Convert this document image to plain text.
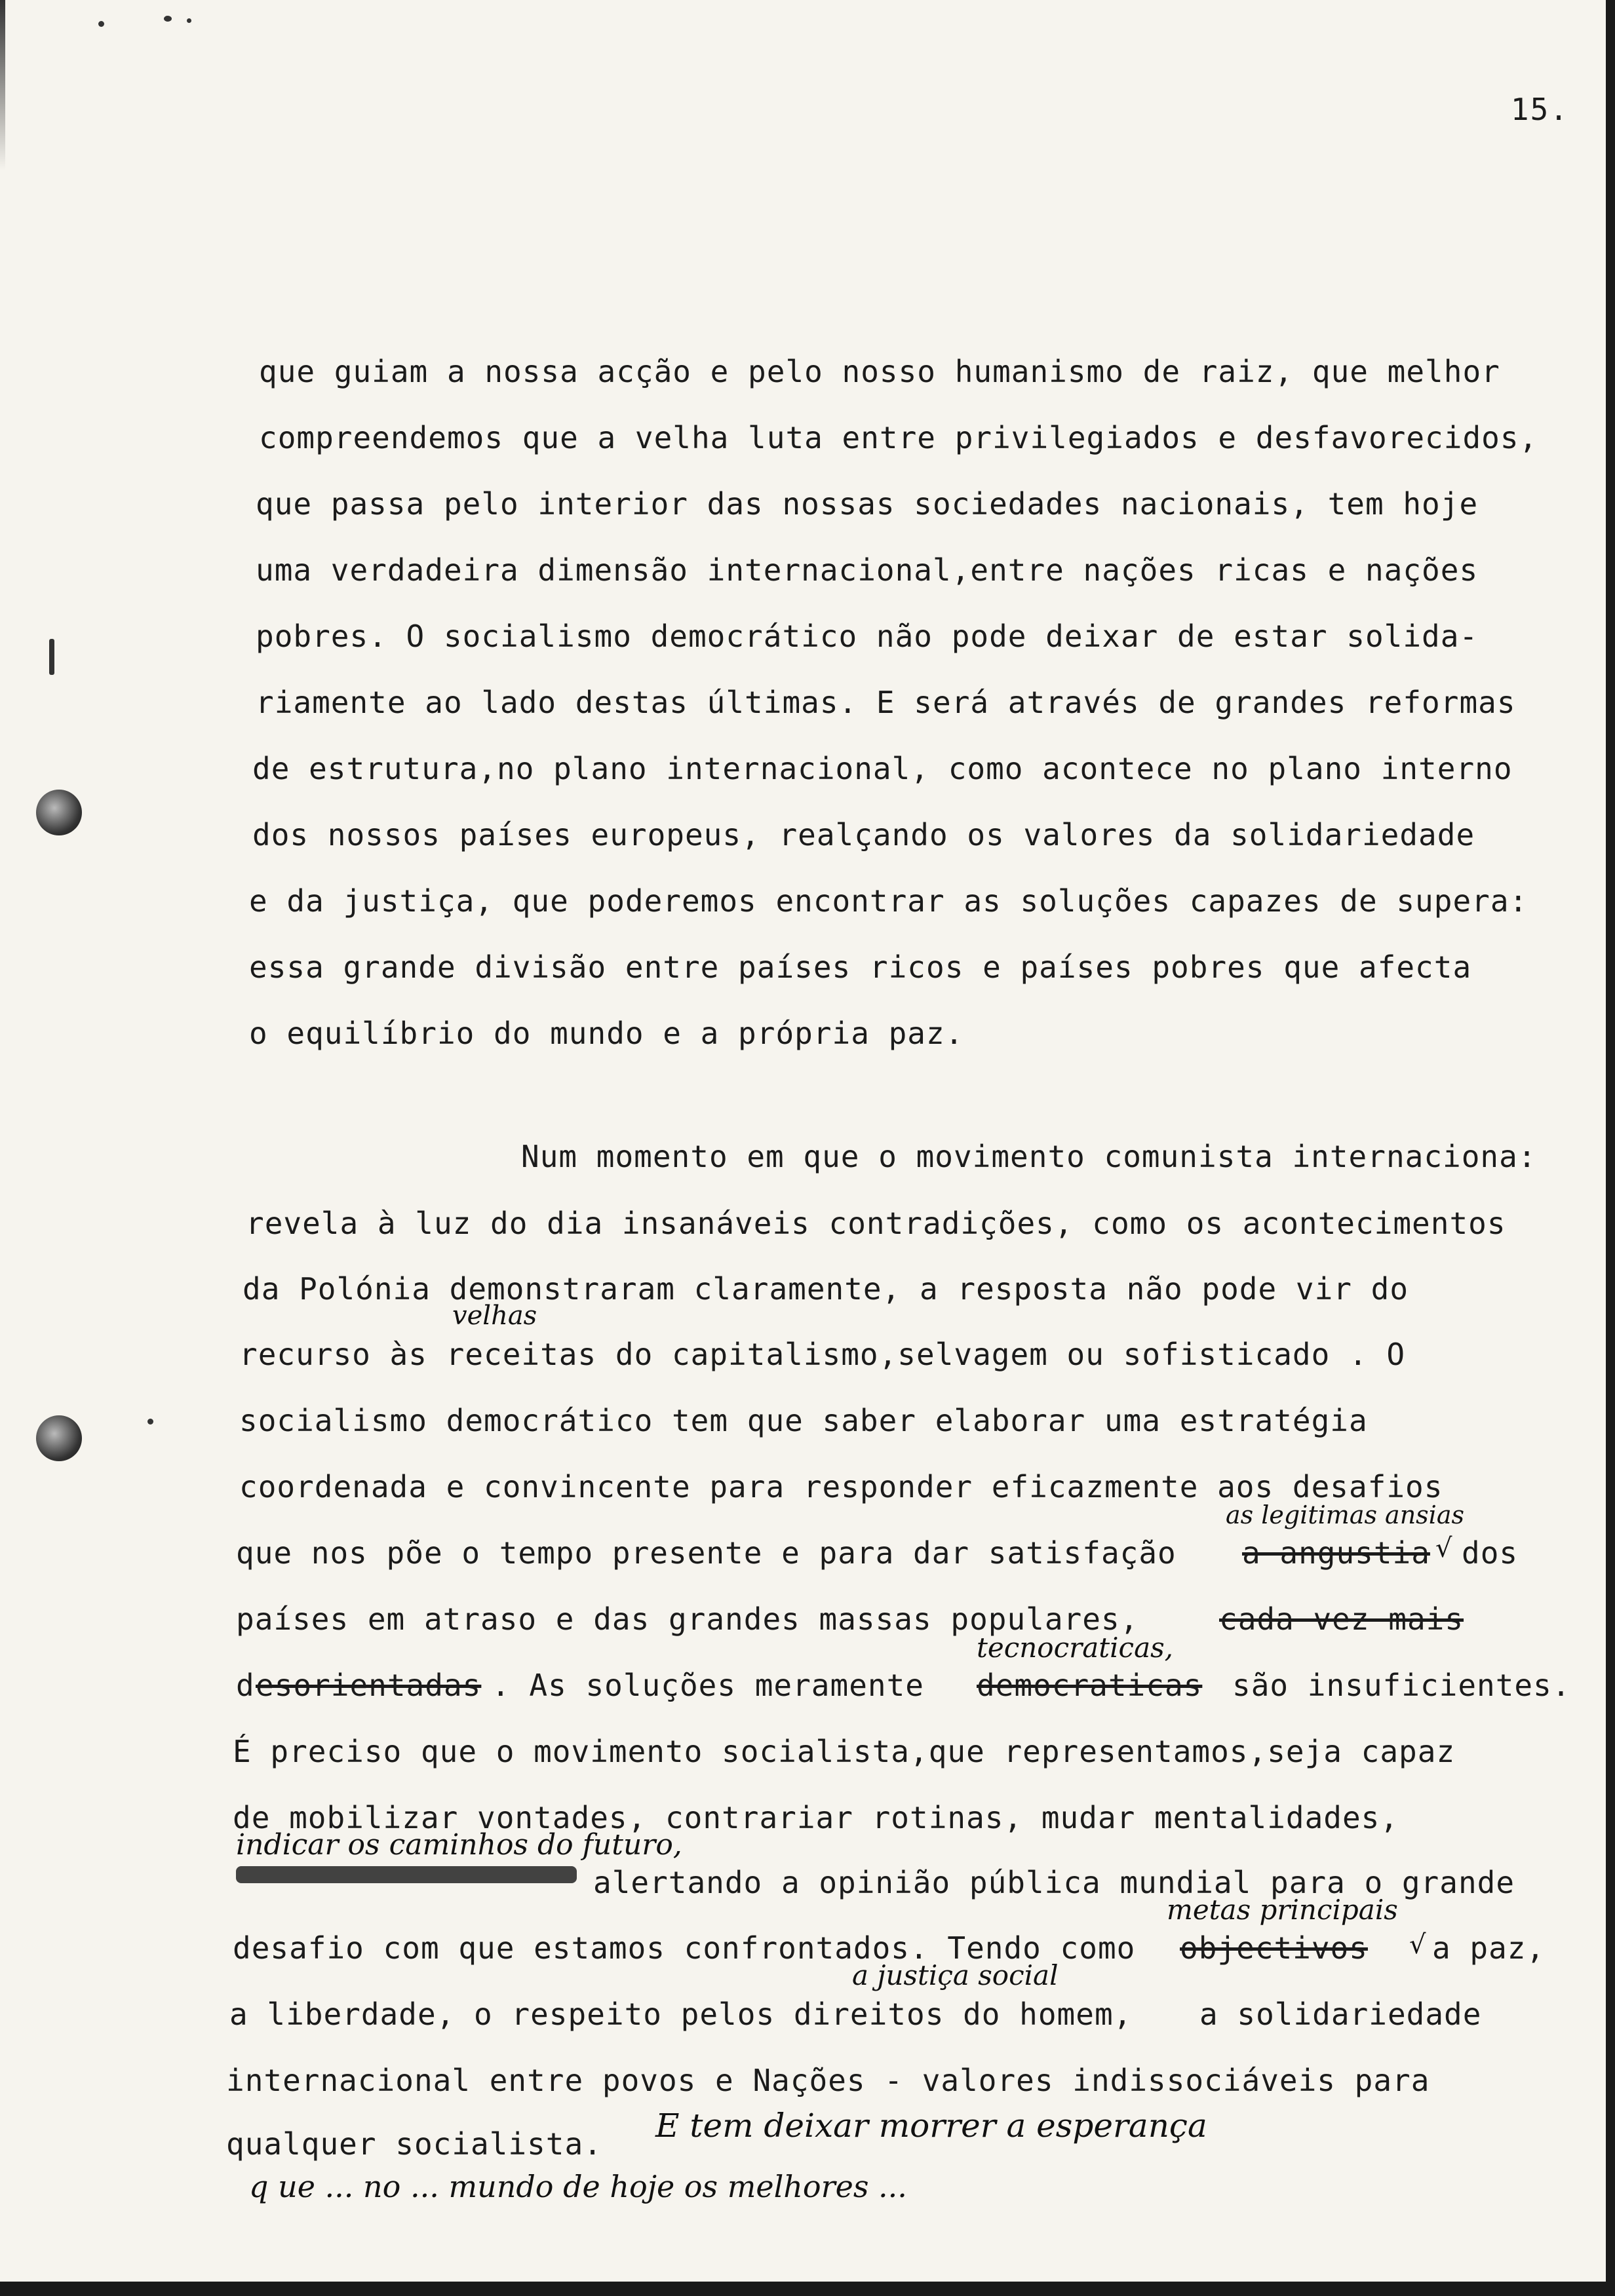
15.
que guiam a nossa acção e pelo nosso humanismo de raiz, que melhor
compreendemos que a velha luta entre privilegiados e desfavorecidos,
que passa pelo interior das nossas sociedades nacionais, tem hoje
uma verdadeira dimensão internacional,entre nações ricas e nações
pobres. O socialismo democrático não pode deixar de estar solida-
riamente ao lado destas últimas. E será através de grandes reformas
de estrutura,no plano internacional, como acontece no plano interno
dos nossos países europeus, realçando os valores da solidariedade
e da justiça, que poderemos encontrar as soluções capazes de supera:
essa grande divisão entre países ricos e países pobres que afecta
o equilíbrio do mundo e a própria paz.
Num momento em que o movimento comunista internaciona:
revela à luz do dia insanáveis contradições, como os acontecimentos
da Polónia demonstraram claramente, a resposta não pode vir do
velhas
recurso às receitas do capitalismo,selvagem ou sofisticado . O
socialismo democrático tem que saber elaborar uma estratégia
coordenada e convincente para responder eficazmente aos desafios
as legitimas ansias
que nos põe o tempo presente e para dar satisfação a angustia √ dos
países em atraso e das grandes massas populares,	cada vez mais
tecnocraticas,
d esorientadas . As soluções meramente democraticas são insuficientes.
É preciso que o movimento socialista,que representamos,seja capaz
de mobilizar vontades, contrariar rotinas, mudar mentalidades,
indicar os caminhos do futuro,
alertando a opinião pública mundial para o grande
metas principais
desafio com que estamos confrontados. Tendo como objectivos √ a paz,
a justiça social
a liberdade, o respeito pelos direitos do homem, a solidariedade
internacional entre povos e Nações - valores indissociáveis para
qualquer socialista. E tem deixar morrer a esperança
q ue ... no ... mundo de hoje os melhores ...
